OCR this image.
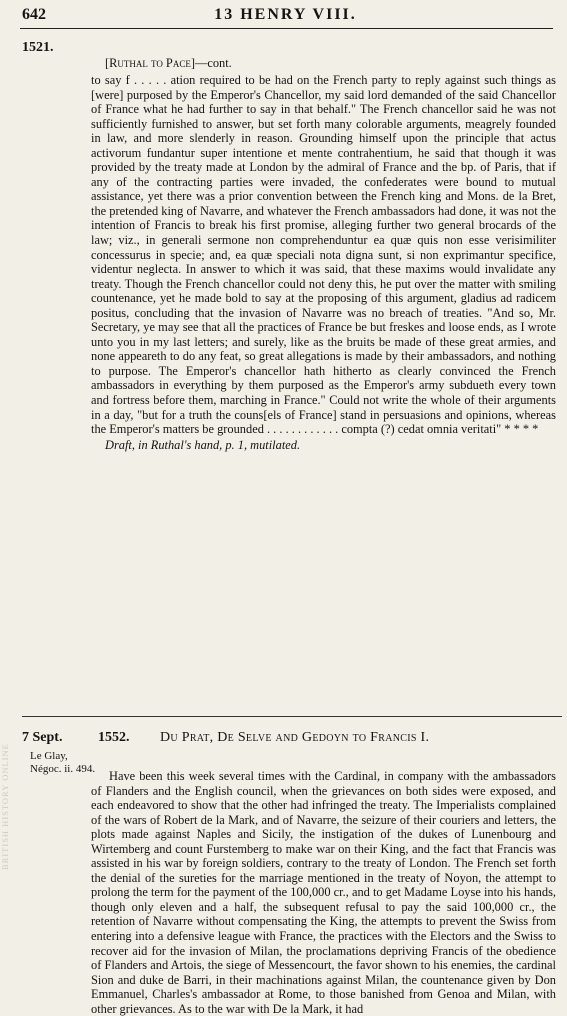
642	13 HENRY VIII.
1521.
[Ruthal to Pace]—cont.
to say f . . . . . ation required to be had on the French party to reply against such things as [were] purposed by the Emperor's Chancellor, my said lord demanded of the said Chancellor of France what he had further to say in that behalf." The French chancellor said he was not sufficiently furnished to answer, but set forth many colorable arguments, meagrely founded in law, and more slenderly in reason. Grounding himself upon the principle that actus activorum fundantur super intentione et mente contrahentium, he said that though it was provided by the treaty made at London by the admiral of France and the bp. of Paris, that if any of the contracting parties were invaded, the confederates were bound to mutual assistance, yet there was a prior convention between the French king and Mons. de la Bret, the pretended king of Navarre, and whatever the French ambassadors had done, it was not the intention of Francis to break his first promise, alleging further two general brocards of the law; viz., in generali sermone non comprehenduntur ea quæ quis non esse verisimiliter concessurus in specie; and, ea quæ speciali nota digna sunt, si non exprimantur specifice, videntur neglecta. In answer to which it was said, that these maxims would invalidate any treaty. Though the French chancellor could not deny this, he put over the matter with smiling countenance, yet he made bold to say at the proposing of this argument, gladius ad radicem positus, concluding that the invasion of Navarre was no breach of treaties. "And so, Mr. Secretary, ye may see that all the practices of France be but freskes and loose ends, as I wrote unto you in my last letters; and surely, like as the bruits be made of these great armies, and none appeareth to do any feat, so great allegations is made by their ambassadors, and nothing to purpose. The Emperor's chancellor hath hitherto as clearly convinced the French ambassadors in everything by them purposed as the Emperor's army subdueth every town and fortress before them, marching in France." Could not write the whole of their arguments in a day, "but for a truth the couns[els of France] stand in persuasions and opinions, whereas the Emperor's matters be grounded . . . . . . . . . . . . compta (?) cedat omnia veritati" * * * *
Draft, in Ruthal's hand, p. 1, mutilated.
7 Sept.	1552. Du Prat, De Selve and Gedoyn to Francis I.
Le Glay,
Négoc. ii. 494.	Have been this week several times with the Cardinal, in company with the ambassadors of Flanders and the English council, when the grievances on both sides were exposed, and each endeavored to show that the other had infringed the treaty. The Imperialists complained of the wars of Robert de la Mark, and of Navarre, the seizure of their couriers and letters, the plots made against Naples and Sicily, the instigation of the dukes of Lunenbourg and Wirtemberg and count Furstemberg to make war on their King, and the fact that Francis was assisted in his war by foreign soldiers, contrary to the treaty of London. The French set forth the denial of the sureties for the marriage mentioned in the treaty of Noyon, the attempt to prolong the term for the payment of the 100,000 cr., and to get Madame Loyse into his hands, though only eleven and a half, the subsequent refusal to pay the said 100,000 cr., the retention of Navarre without compensating the King, the attempts to prevent the Swiss from entering into a defensive league with France, the practices with the Electors and the Swiss to recover aid for the invasion of Milan, the proclamations depriving Francis of the obedience of Flanders and Artois, the siege of Messencourt, the favor shown to his enemies, the cardinal Sion and duke de Barri, in their machinations against Milan, the countenance given by Don Emmanuel, Charles's ambassador at Rome, to those banished from Genoa and Milan, with other grievances. As to the war with De la Mark, it had
BRITISH HISTORY ONLINE
